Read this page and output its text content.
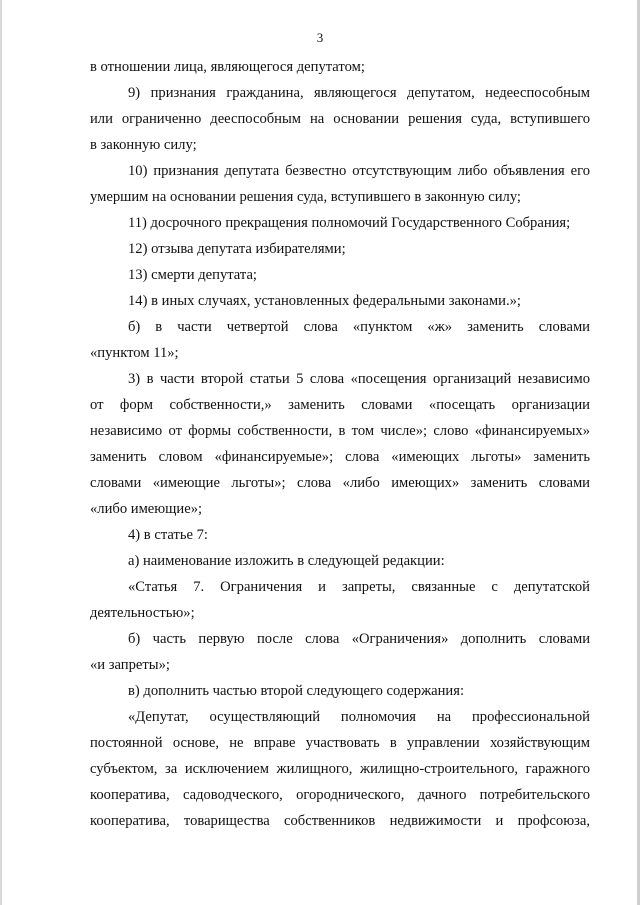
3
в отношении лица, являющегося депутатом;
9) признания гражданина, являющегося депутатом, недееспособным
или ограниченно дееспособным на основании решения суда, вступившего
в законную силу;
10) признания депутата безвестно отсутствующим либо объявления его
умершим на основании решения суда, вступившего в законную силу;
11) досрочного прекращения полномочий Государственного Собрания;
12) отзыва депутата избирателями;
13) смерти депутата;
14) в иных случаях, установленных федеральными законами.»;
б) в части четвертой слова «пунктом «ж» заменить словами
«пунктом 11»;
3) в части второй статьи 5 слова «посещения организаций независимо
от форм собственности,» заменить словами «посещать организации
независимо от формы собственности, в том числе»; слово «финансируемых»
заменить словом «финансируемые»; слова «имеющих льготы» заменить
словами «имеющие льготы»; слова «либо имеющих» заменить словами
«либо имеющие»;
4) в статье 7:
а) наименование изложить в следующей редакции:
«Статья 7. Ограничения и запреты, связанные с депутатской
деятельностью»;
б) часть первую после слова «Ограничения» дополнить словами
«и запреты»;
в) дополнить частью второй следующего содержания:
«Депутат, осуществляющий полномочия на профессиональной
постоянной основе, не вправе участвовать в управлении хозяйствующим
субъектом, за исключением жилищного, жилищно-строительного, гаражного
кооператива, садоводческого, огороднического, дачного потребительского
кооператива, товарищества собственников недвижимости и профсоюза,
